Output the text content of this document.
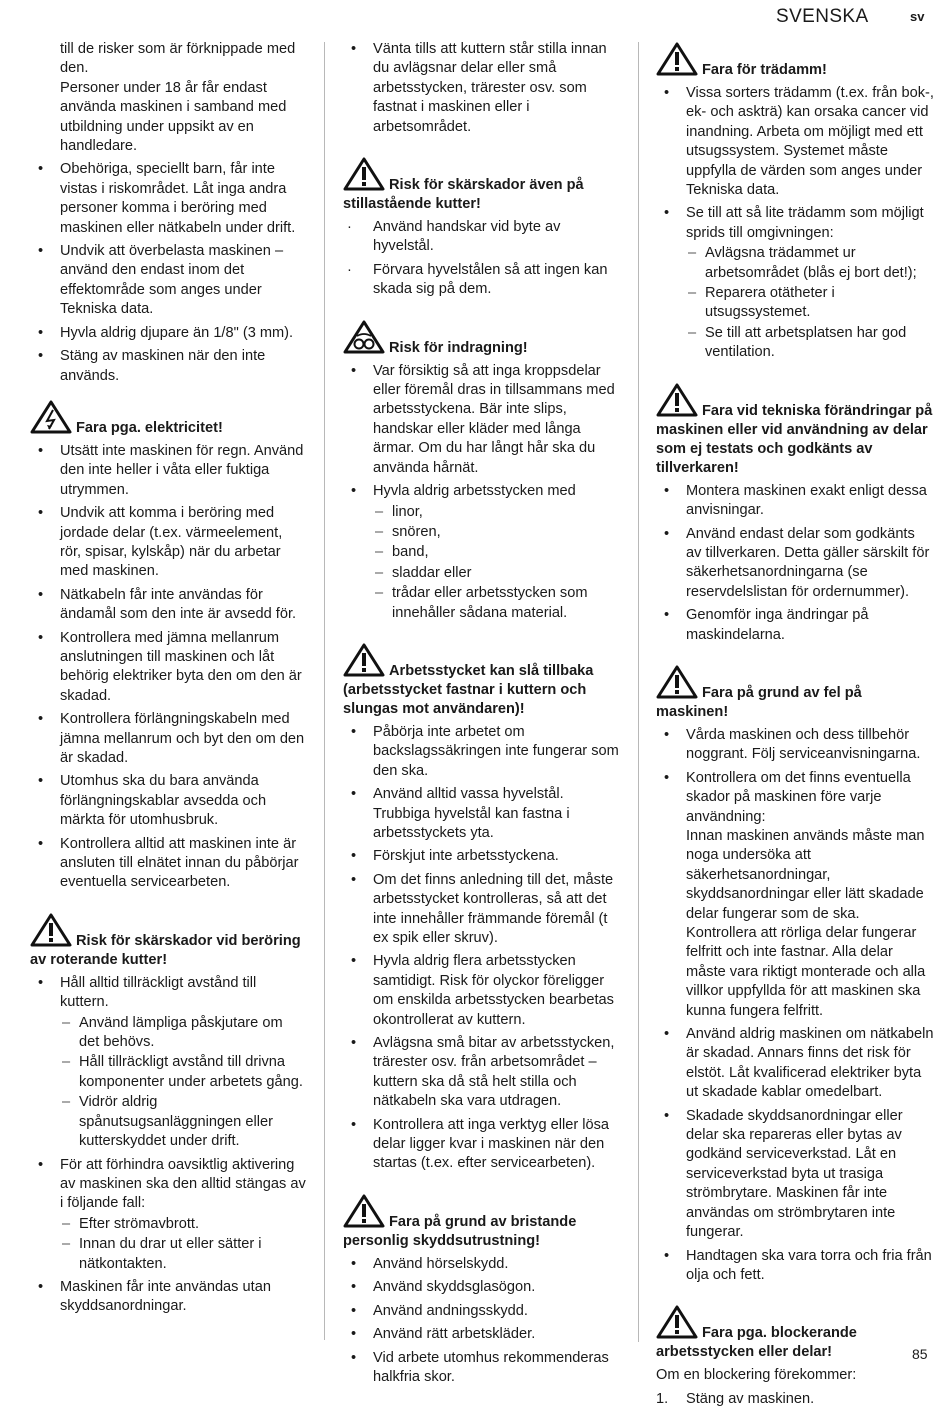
SVENSKA	sv
till de risker som är förknippade med den.
Personer under 18 år får endast använda maskinen i samband med utbildning under uppsikt av en handledare.
• Obehöriga, speciellt barn, får inte vistas i riskområdet. Låt inga andra personer komma i beröring med maskinen eller nätkabeln under drift.
• Undvik att överbelasta maskinen – använd den endast inom det effektområde som anges under Tekniska data.
• Hyvla aldrig djupare än 1/8" (3 mm).
• Stäng av maskinen när den inte används.
Fara pga. elektricitet!
• Utsätt inte maskinen för regn. Använd den inte heller i våta eller fuktiga utrymmen.
• Undvik att komma i beröring med jordade delar (t.ex. värmeelement, rör, spisar, kylskåp) när du arbetar med maskinen.
• Nätkabeln får inte användas för ändamål som den inte är avsedd för.
• Kontrollera med jämna mellanrum anslutningen till maskinen och låt behörig elektriker byta den om den är skadad.
• Kontrollera förlängningskabeln med jämna mellanrum och byt den om den är skadad.
• Utomhus ska du bara använda förlängningskablar avsedda och märkta för utomhusbruk.
• Kontrollera alltid att maskinen inte är ansluten till elnätet innan du påbörjar eventuella servicearbeten.
Risk för skärskador vid beröring av roterande kutter!
• Håll alltid tillräckligt avstånd till kuttern.
– Använd lämpliga påskjutare om det behövs.
– Håll tillräckligt avstånd till drivna komponenter under arbetets gång.
– Vidrör aldrig spånutsugsanläggningen eller kutterskyddet under drift.
• För att förhindra oavsiktlig aktivering av maskinen ska den alltid stängas av i följande fall:
– Efter strömavbrott.
– Innan du drar ut eller sätter i nätkontakten.
• Maskinen får inte användas utan skyddsanordningar.
• Vänta tills att kuttern står stilla innan du avlägsnar delar eller små arbetsstycken, trärester osv. som fastnat i maskinen eller i arbetsområdet.
Risk för skärskador även på stillastående kutter!
· Använd handskar vid byte av hyvelstål.
· Förvara hyvelstålen så att ingen kan skada sig på dem.
Risk för indragning!
• Var försiktig så att inga kroppsdelar eller föremål dras in tillsammans med arbetsstyckena. Bär inte slips, handskar eller kläder med långa ärmar. Om du har långt hår ska du använda hårnät.
• Hyvla aldrig arbetsstycken med
– linor,
– snören,
– band,
– sladdar eller
– trådar eller arbetsstycken som innehåller sådana material.
Arbetsstycket kan slå tillbaka (arbetsstycket fastnar i kuttern och slungas mot användaren)!
• Påbörja inte arbetet om backslagssäkringen inte fungerar som den ska.
• Använd alltid vassa hyvelstål. Trubbiga hyvelstål kan fastna i arbetsstyckets yta.
• Förskjut inte arbetsstyckena.
• Om det finns anledning till det, måste arbetsstycket kontrolleras, så att det inte innehåller främmande föremål (t ex spik eller skruv).
• Hyvla aldrig flera arbetsstycken samtidigt. Risk för olyckor föreligger om enskilda arbetsstycken bearbetas okontrollerat av kuttern.
• Avlägsna små bitar av arbetsstycken, trärester osv. från arbetsområdet – kuttern ska då stå helt stilla och nätkabeln ska vara utdragen.
• Kontrollera att inga verktyg eller lösa delar ligger kvar i maskinen när den startas (t.ex. efter servicearbeten).
Fara på grund av bristande personlig skyddsutrustning!
• Använd hörselskydd.
• Använd skyddsglasögon.
• Använd andningsskydd.
• Använd rätt arbetskläder.
• Vid arbete utomhus rekommenderas halkfria skor.
Fara för trädamm!
• Vissa sorters trädamm (t.ex. från bok-, ek- och askträ) kan orsaka cancer vid inandning. Arbeta om möjligt med ett utsugssystem. Systemet måste uppfylla de värden som anges under Tekniska data.
• Se till att så lite trädamm som möjligt sprids till omgivningen:
– Avlägsna trädammet ur arbetsområdet (blås ej bort det!);
– Reparera otätheter i utsugssystemet.
– Se till att arbetsplatsen har god ventilation.
Fara vid tekniska förändringar på maskinen eller vid användning av delar som ej testats och godkänts av tillverkaren!
• Montera maskinen exakt enligt dessa anvisningar.
• Använd endast delar som godkänts av tillverkaren. Detta gäller särskilt för säkerhetsanordningarna (se reservdelslistan för ordernummer).
• Genomför inga ändringar på maskindelarna.
Fara på grund av fel på maskinen!
• Vårda maskinen och dess tillbehör noggrant. Följ serviceanvisningarna.
• Kontrollera om det finns eventuella skador på maskinen före varje användning:
Innan maskinen används måste man noga undersöka att säkerhetsanordningar, skyddsanordningar eller lätt skadade delar fungerar som de ska. Kontrollera att rörliga delar fungerar felfritt och inte fastnar. Alla delar måste vara riktigt monterade och alla villkor uppfyllda för att maskinen ska kunna fungera felfritt.
• Använd aldrig maskinen om nätkabeln är skadad. Annars finns det risk för elstöt. Låt kvalificerad elektriker byta ut skadade kablar omedelbart.
• Skadade skyddsanordningar eller delar ska repareras eller bytas av godkänd serviceverkstad. Låt en serviceverkstad byta ut trasiga strömbrytare. Maskinen får inte användas om strömbrytaren inte fungerar.
• Handtagen ska vara torra och fria från olja och fett.
Fara pga. blockerande arbetsstycken eller delar!
Om en blockering förekommer:
1. Stäng av maskinen.
85
